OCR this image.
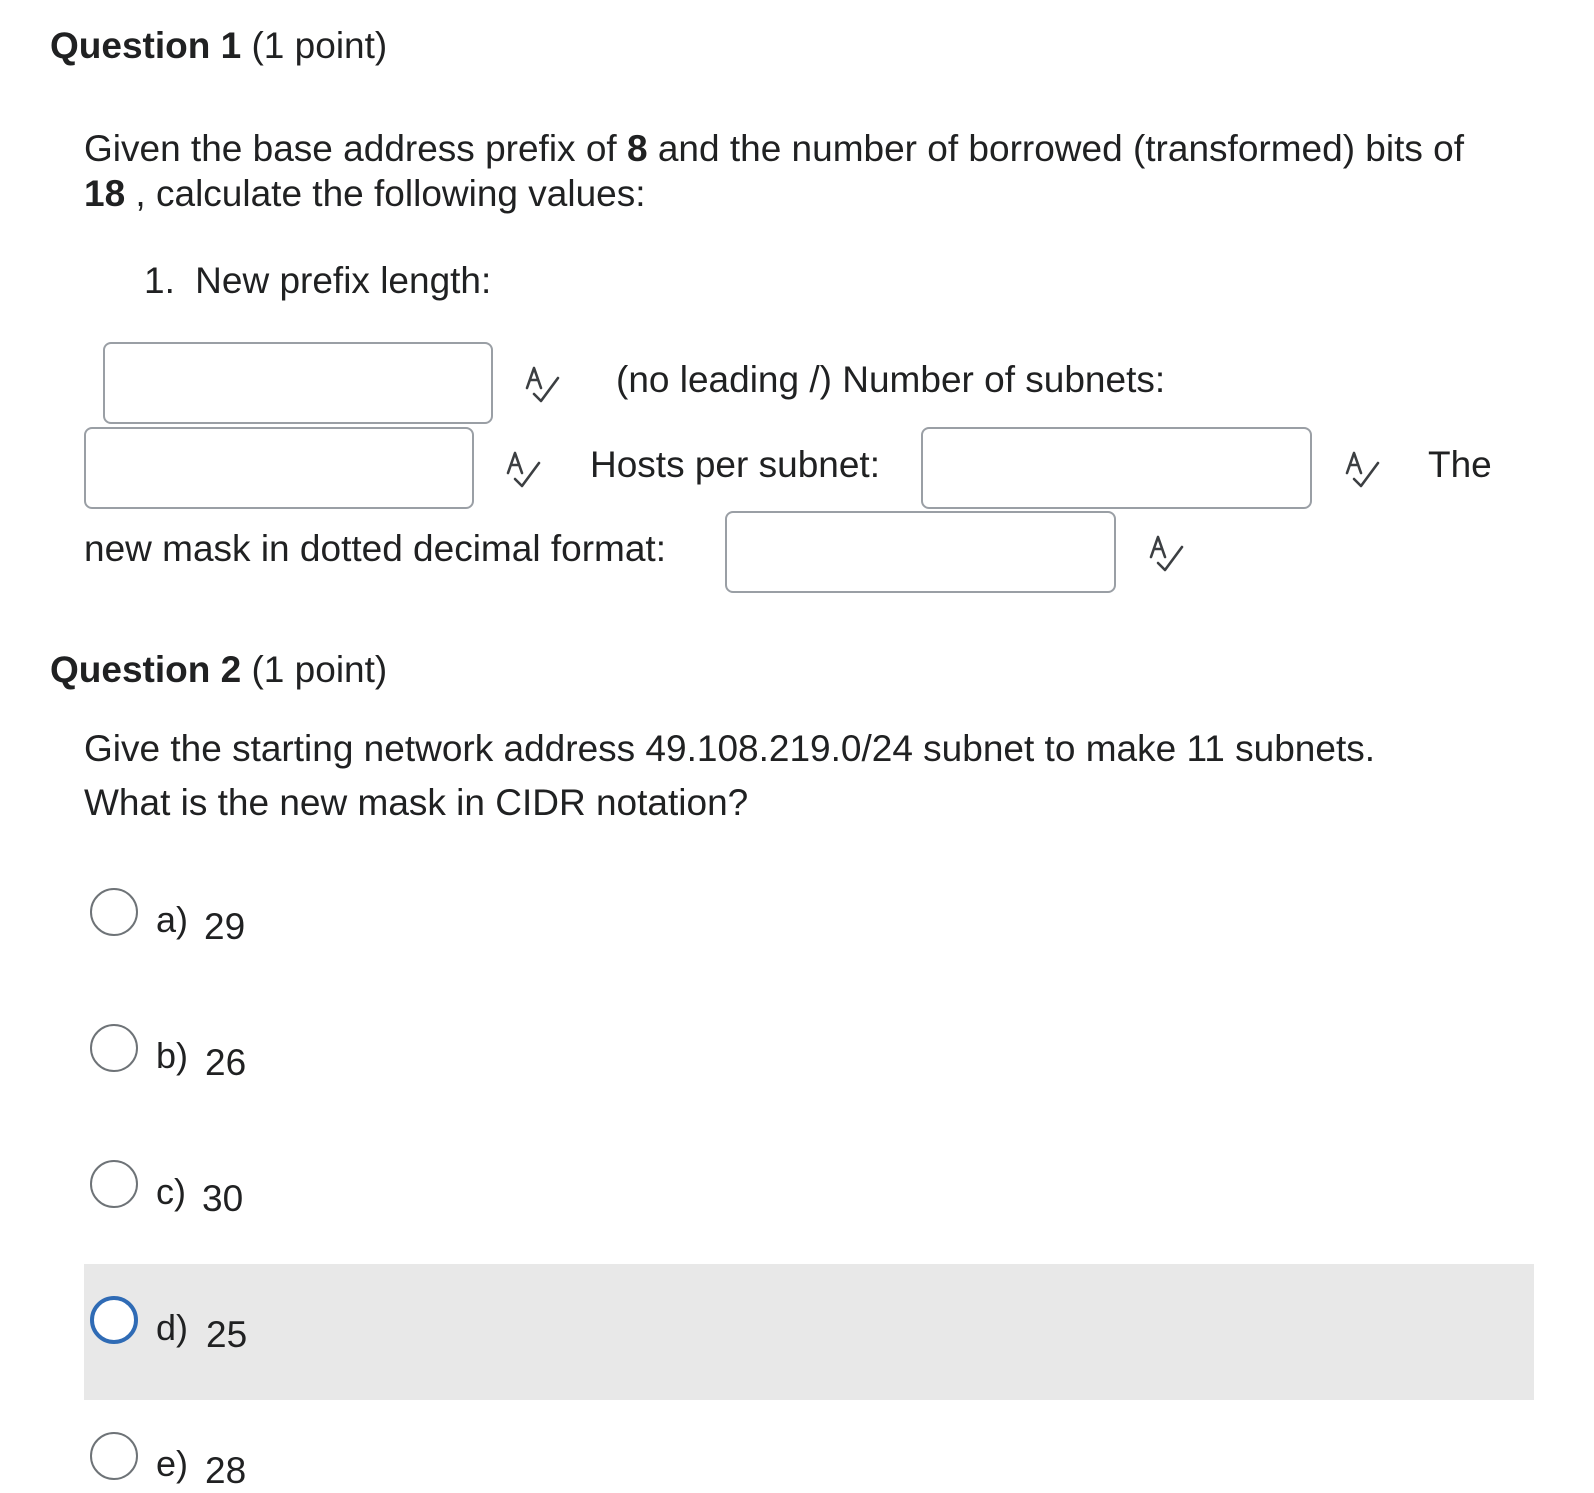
Question 1 (1 point)
Given the base address prefix of 8 and the number of borrowed (transformed) bits of
18 , calculate the following values:
1. New prefix length:
(no leading /) Number of subnets:
Hosts per subnet:	The
new mask in dotted decimal format:
Question 2 (1 point)
Give the starting network address 49.108.219.0/24 subnet to make 11 subnets.
What is the new mask in CIDR notation?
a) 29
b) 26
c) 30
d) 25
e) 28
